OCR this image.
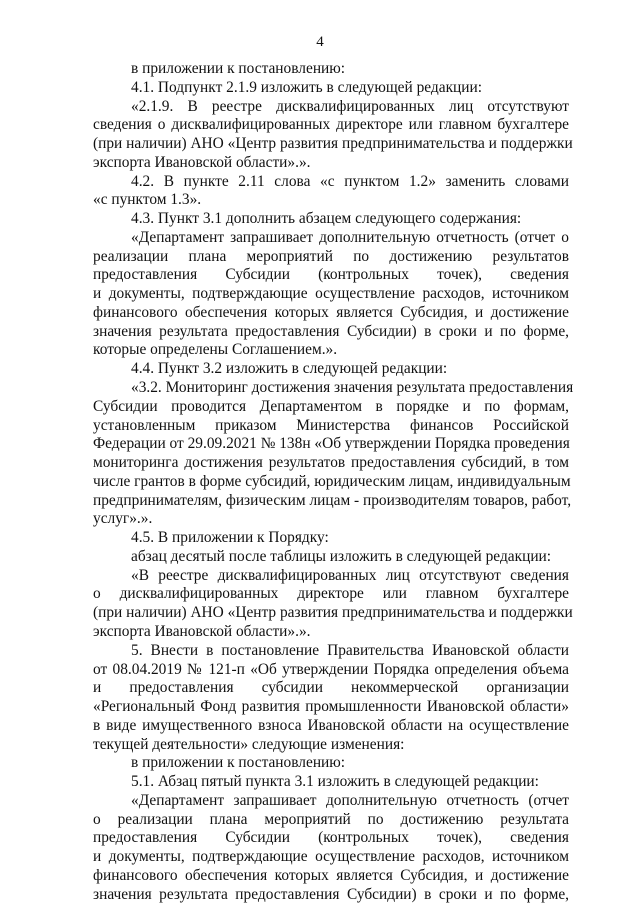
4
в приложении к постановлению:
4.1. Подпункт 2.1.9 изложить в следующей редакции:
«2.1.9. В реестре дисквалифицированных лиц отсутствуют
сведения о дисквалифицированных директоре или главном бухгалтере
(при наличии) АНО «Центр развития предпринимательства и поддержки
экспорта Ивановской области».».
4.2. В пункте 2.11 слова «с пунктом 1.2» заменить словами
«с пунктом 1.3».
4.3. Пункт 3.1 дополнить абзацем следующего содержания:
«Департамент запрашивает дополнительную отчетность (отчет о
реализации плана мероприятий по достижению результатов
предоставления Субсидии (контрольных точек), сведения
и документы, подтверждающие осуществление расходов, источником
финансового обеспечения которых является Субсидия, и достижение
значения результата предоставления Субсидии) в сроки и по форме,
которые определены Соглашением.».
4.4. Пункт 3.2 изложить в следующей редакции:
«3.2. Мониторинг достижения значения результата предоставления
Субсидии проводится Департаментом в порядке и по формам,
установленным приказом Министерства финансов Российской
Федерации от 29.09.2021 № 138н «Об утверждении Порядка проведения
мониторинга достижения результатов предоставления субсидий, в том
числе грантов в форме субсидий, юридическим лицам, индивидуальным
предпринимателям, физическим лицам - производителям товаров, работ,
услуг».».
4.5. В приложении к Порядку:
абзац десятый после таблицы изложить в следующей редакции:
«В реестре дисквалифицированных лиц отсутствуют сведения
о дисквалифицированных директоре или главном бухгалтере
(при наличии) АНО «Центр развития предпринимательства и поддержки
экспорта Ивановской области».».
5. Внести в постановление Правительства Ивановской области
от 08.04.2019 № 121-п «Об утверждении Порядка определения объема
и предоставления субсидии некоммерческой организации
«Региональный Фонд развития промышленности Ивановской области»
в виде имущественного взноса Ивановской области на осуществление
текущей деятельности» следующие изменения:
в приложении к постановлению:
5.1. Абзац пятый пункта 3.1 изложить в следующей редакции:
«Департамент запрашивает дополнительную отчетность (отчет
о реализации плана мероприятий по достижению результата
предоставления Субсидии (контрольных точек), сведения
и документы, подтверждающие осуществление расходов, источником
финансового обеспечения которых является Субсидия, и достижение
значения результата предоставления Субсидии) в сроки и по форме,
